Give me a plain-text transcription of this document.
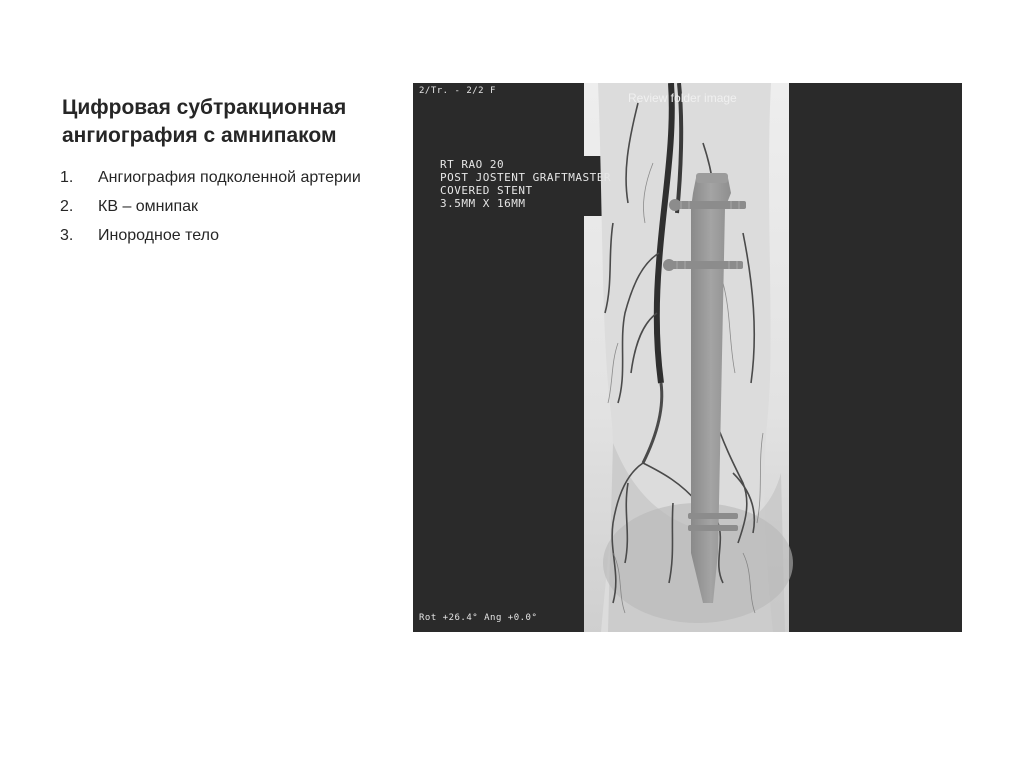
Цифровая субтракционная
ангиография с амнипаком
1. Ангиография подколенной артерии
2. КВ – омнипак
3. Инородное тело
2/Tr. - 2/2 F	Review folder image
RT RAO 20
POST JOSTENT GRAFTMASTER
COVERED STENT
3.5MM X 16MM
Rot +26.4° Ang +0.0°
